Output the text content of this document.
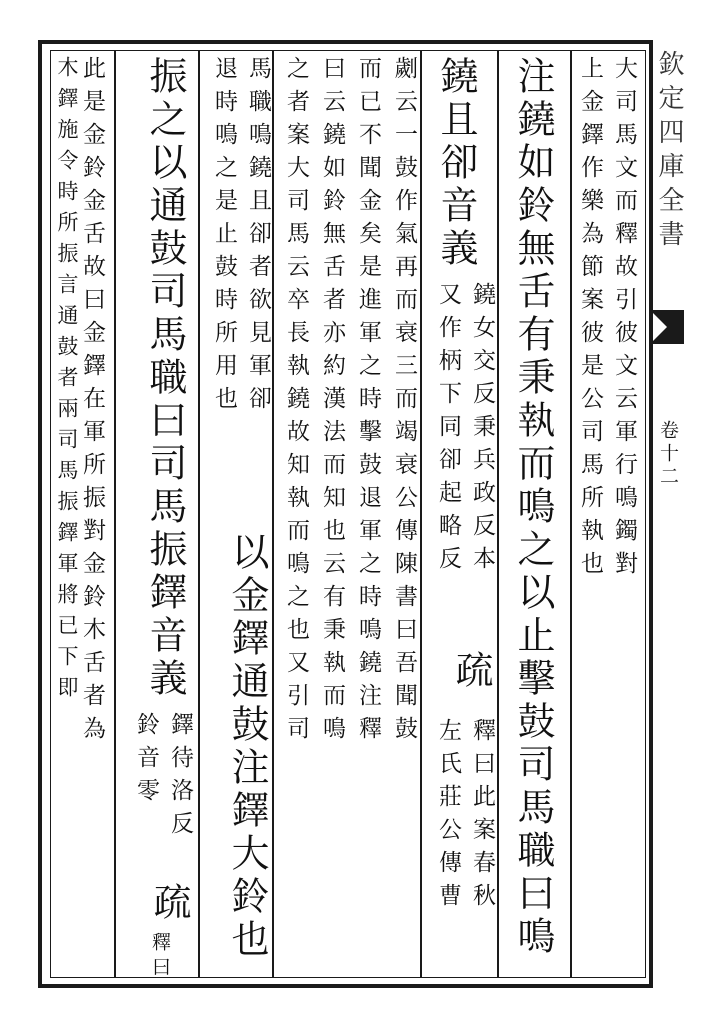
欽定四庫全書
卷十二
大司馬文而釋故引彼文云軍行鳴鐲對
上金鐸作樂為節案彼是公司馬所執也
注鐃如鈴無舌有秉執而鳴之以止擊鼓司馬職曰鳴
鐃且卻音義
鐃女交反秉兵政反本
又作柄下同卻起略反
疏
釋曰此案春秋
左氏莊公傳曹
劌云一鼓作氣再而衰三而竭衰公傳陳書曰吾聞鼓
而已不聞金矣是進軍之時擊鼓退軍之時鳴鐃注釋
曰云鐃如鈴無舌者亦約漢法而知也云有秉執而鳴
之者案大司馬云卒長執鐃故知執而鳴之也又引司
馬職鳴鐃且卻者欲見軍卻
退時鳴之是止鼓時所用也
以金鐸通鼓注鐸大鈴也
振之以通鼓司馬職曰司馬振鐸音義
鐸待洛反
鈴音零
疏
釋曰
此是金鈴金舌故曰金鐸在軍所振對金鈴木舌者為
木鐸施令時所振言通鼓者兩司馬振鐸軍將已下即
